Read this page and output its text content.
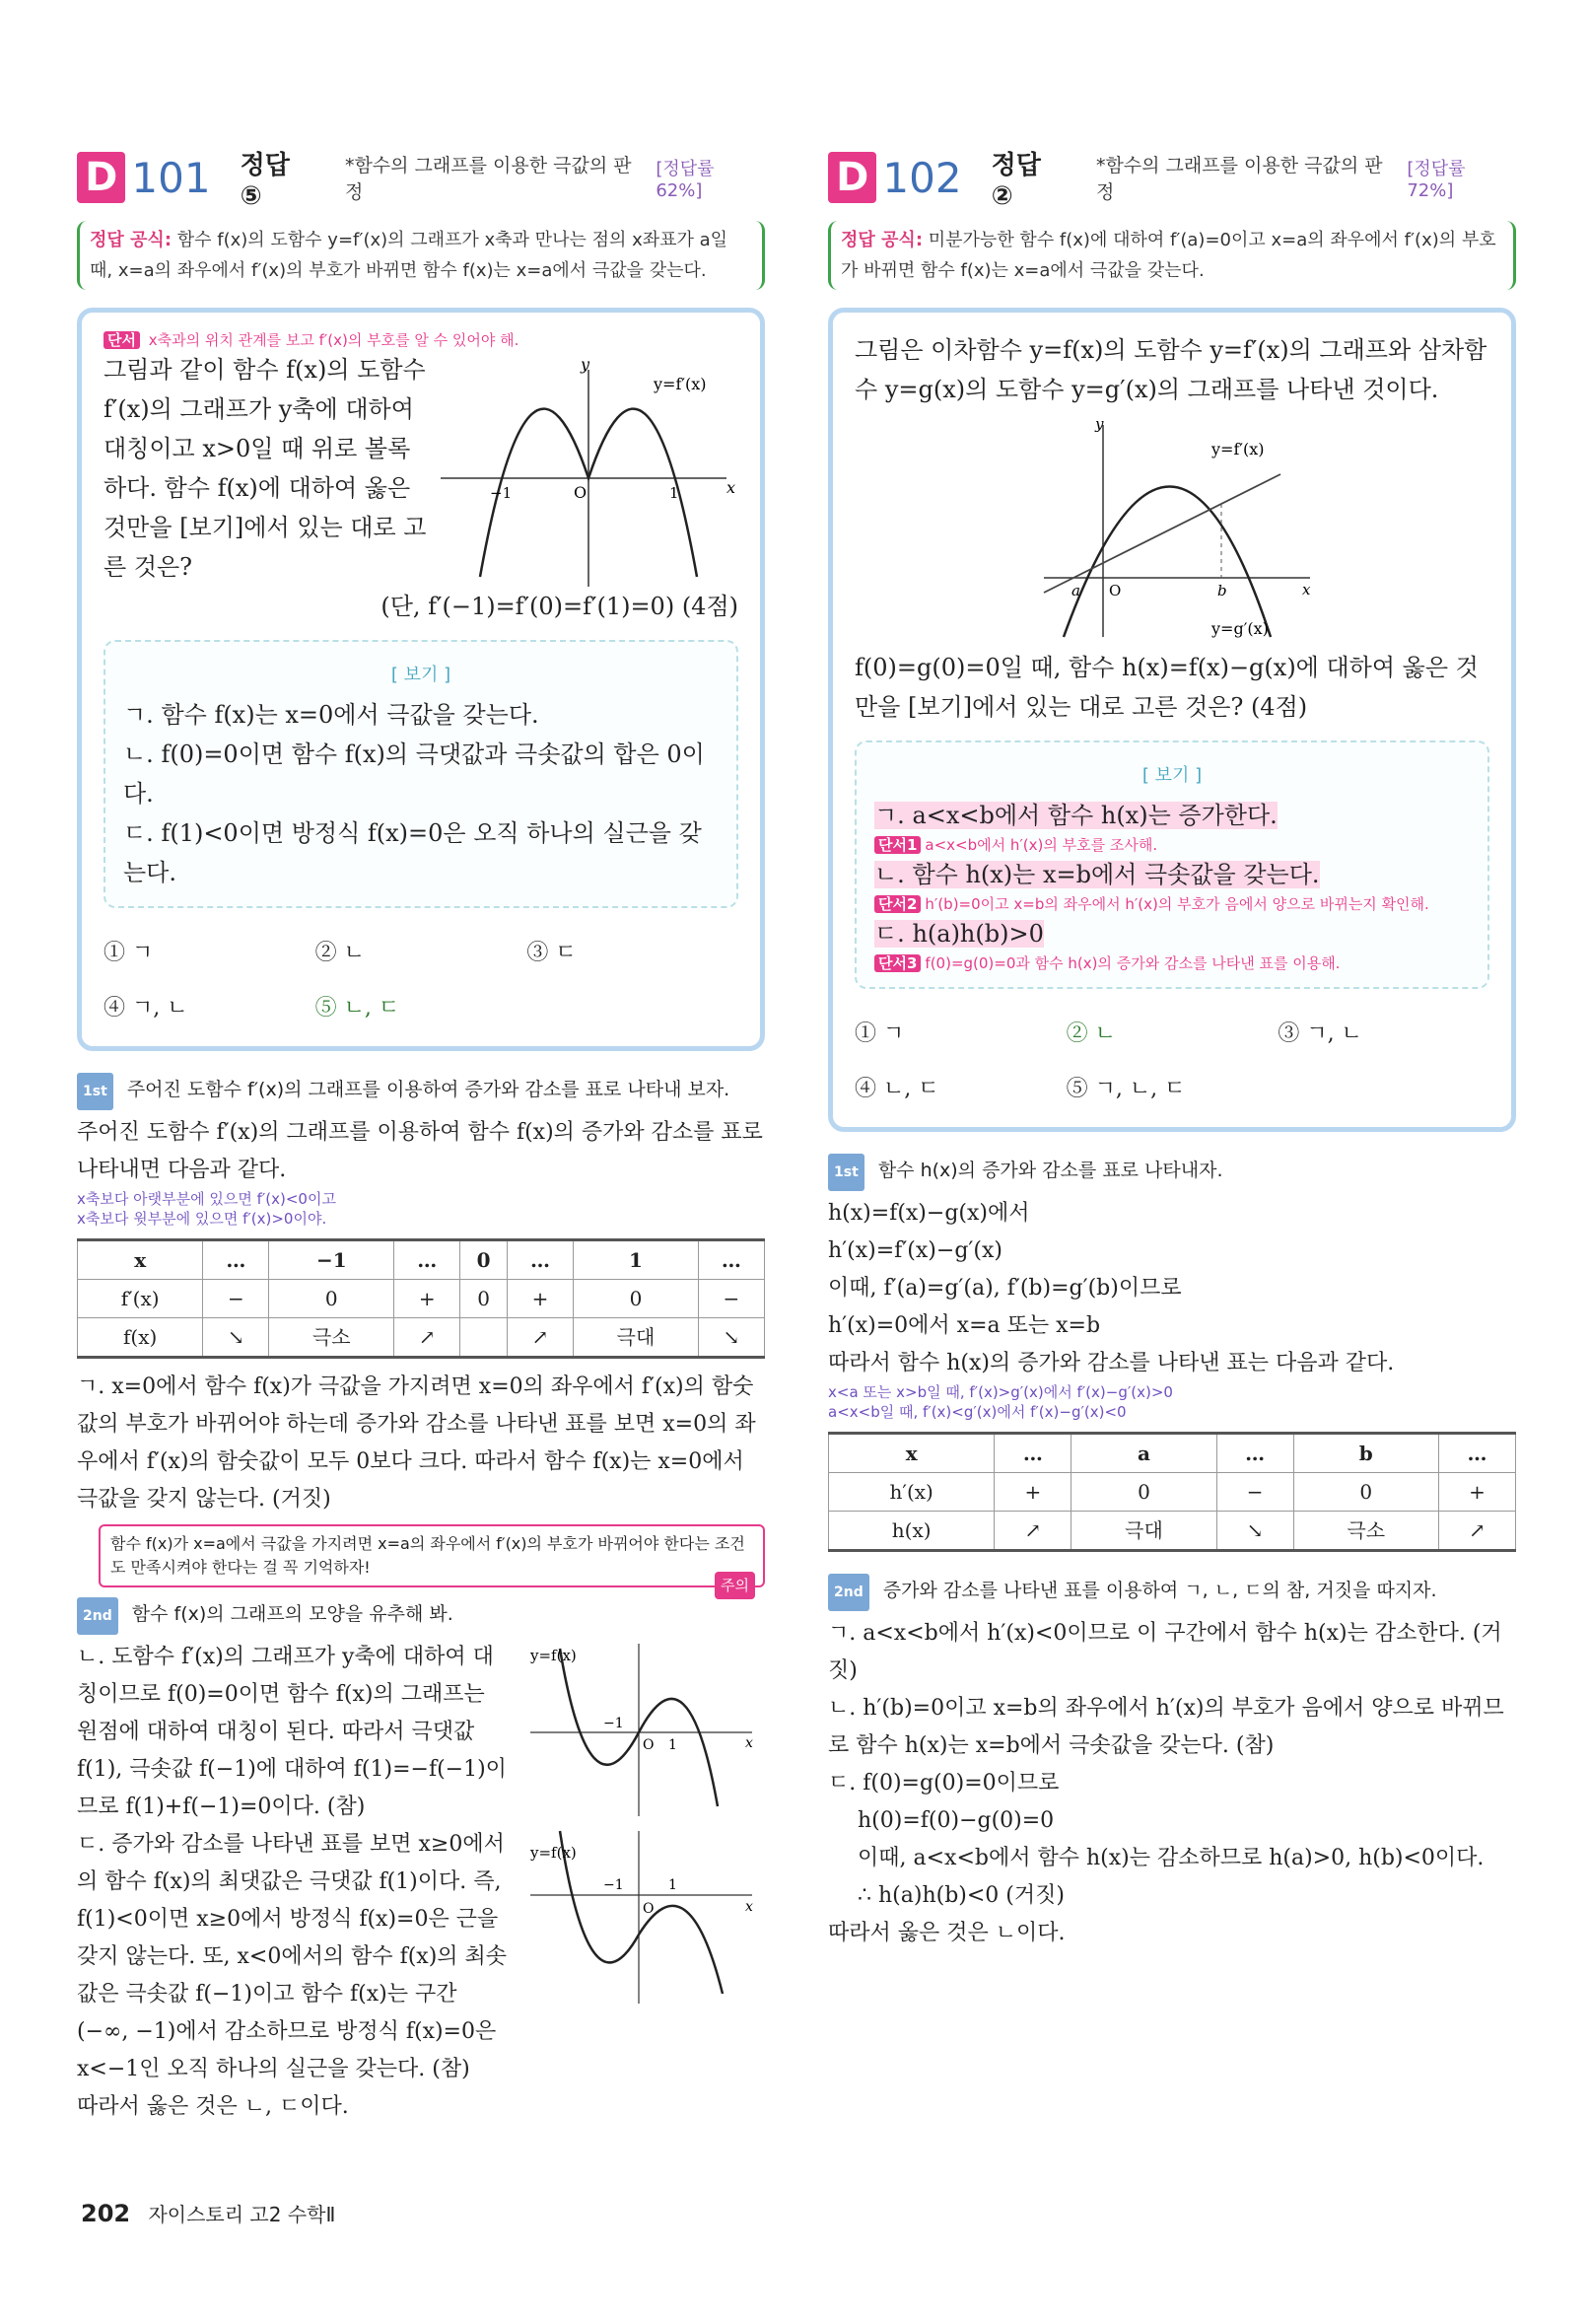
D 101 정답 ⑤
*함수의 그래프를 이용한 극값의 판정
[정답률 62%]
정답 공식: 함수 f(x)의 도함수 y=f′(x)의 그래프가 x축과 만나는 점의 x좌표가 a일 때, x=a의 좌우에서 f′(x)의 부호가 바뀌면 함수 f(x)는 x=a에서 극값을 갖는다.
단서 x축과의 위치 관계를 보고 f′(x)의 부호를 알 수 있어야 해.
그림과 같이 함수 f(x)의 도함수 f′(x)의 그래프가 y축에 대하여 대칭이고 x>0일 때 위로 볼록하다. 함수 f(x)에 대하여 옳은 것만을 [보기]에서 있는 대로 고른 것은?
y=f′(x)
x
y
O
−1	1
(단, f′(−1)=f′(0)=f′(1)=0) (4점)
[ 보기 ]
ㄱ. 함수 f(x)는 x=0에서 극값을 갖는다.
ㄴ. f(0)=0이면 함수 f(x)의 극댓값과 극솟값의 합은 0이다.
ㄷ. f(1)<0이면 방정식 f(x)=0은 오직 하나의 실근을 갖는다.
① ㄱ	② ㄴ	③ ㄷ
④ ㄱ, ㄴ	⑤ ㄴ, ㄷ
1st 주어진 도함수 f′(x)의 그래프를 이용하여 증가와 감소를 표로 나타내 보자.
주어진 도함수 f′(x)의 그래프를 이용하여 함수 f(x)의 증가와 감소를 표로 나타내면 다음과 같다.
x축보다 아랫부분에 있으면 f′(x)<0이고
x축보다 윗부분에 있으면 f′(x)>0이야.
x	…	−1	…	0	…	1	…
f′(x)	−	0	+	0	+	0	−
f(x)	↘	극소	↗		↗	극대	↘
ㄱ. x=0에서 함수 f(x)가 극값을 가지려면 x=0의 좌우에서 f′(x)의 함숫값의 부호가 바뀌어야 하는데 증가와 감소를 나타낸 표를 보면 x=0의 좌우에서 f′(x)의 함숫값이 모두 0보다 크다. 따라서 함수 f(x)는 x=0에서 극값을 갖지 않는다. (거짓)
함수 f(x)가 x=a에서 극값을 가지려면 x=a의 좌우에서 f′(x)의 부호가 바뀌어야 한다는 조건도 만족시켜야 한다는 걸 꼭 기억하자!
주의
2nd 함수 f(x)의 그래프의 모양을 유추해 봐.
ㄴ. 도함수 f′(x)의 그래프가 y축에 대하여 대칭이므로 f(0)=0이면 함수 f(x)의 그래프는 원점에 대하여 대칭이 된다. 따라서 극댓값 f(1), 극솟값 f(−1)에 대하여 f(1)=−f(−1)이므로 f(1)+f(−1)=0이다. (참)
y=f(x)
−1
O 1	x
ㄷ. 증가와 감소를 나타낸 표를 보면 x≥0에서의 함수 f(x)의 최댓값은 극댓값 f(1)이다. 즉, f(1)<0이면 x≥0에서 방정식 f(x)=0은 근을 갖지 않는다. 또, x<0에서의 함수 f(x)의 최솟값은 극솟값 f(−1)이고 함수 f(x)는 구간 (−∞, −1)에서 감소하므로 방정식 f(x)=0은 x<−1인 오직 하나의 실근을 갖는다. (참)
y=f(x)
−1
O
1
x
따라서 옳은 것은 ㄴ, ㄷ이다.
D 102 정답 ②
*함수의 그래프를 이용한 극값의 판정
[정답률 72%]
정답 공식: 미분가능한 함수 f(x)에 대하여 f′(a)=0이고 x=a의 좌우에서 f′(x)의 부호가 바뀌면 함수 f(x)는 x=a에서 극값을 갖는다.
그림은 이차함수 y=f(x)의 도함수 y=f′(x)의 그래프와 삼차함수 y=g(x)의 도함수 y=g′(x)의 그래프를 나타낸 것이다.
y=f′(x)
y=g′(x)
a O	b	x
y
f(0)=g(0)=0일 때, 함수 h(x)=f(x)−g(x)에 대하여 옳은 것만을 [보기]에서 있는 대로 고른 것은? (4점)
[ 보기 ]
ㄱ. a<x<b에서 함수 h(x)는 증가한다.
단서1 a<x<b에서 h′(x)의 부호를 조사해.
ㄴ. 함수 h(x)는 x=b에서 극솟값을 갖는다.
단서2 h′(b)=0이고 x=b의 좌우에서 h′(x)의 부호가 음에서 양으로 바뀌는지 확인해.
ㄷ. h(a)h(b)>0
단서3 f(0)=g(0)=0과 함수 h(x)의 증가와 감소를 나타낸 표를 이용해.
① ㄱ	② ㄴ	③ ㄱ, ㄴ
④ ㄴ, ㄷ	⑤ ㄱ, ㄴ, ㄷ
1st 함수 h(x)의 증가와 감소를 표로 나타내자.
h(x)=f(x)−g(x)에서
h′(x)=f′(x)−g′(x)
이때, f′(a)=g′(a), f′(b)=g′(b)이므로
h′(x)=0에서 x=a 또는 x=b
따라서 함수 h(x)의 증가와 감소를 나타낸 표는 다음과 같다.
x<a 또는 x>b일 때, f′(x)>g′(x)에서 f′(x)−g′(x)>0
a<x<b일 때, f′(x)<g′(x)에서 f′(x)−g′(x)<0
x	…	a	…	b	…
h′(x)	+	0	−	0	+
h(x)	↗	극대	↘	극소	↗
2nd 증가와 감소를 나타낸 표를 이용하여 ㄱ, ㄴ, ㄷ의 참, 거짓을 따지자.
ㄱ. a<x<b에서 h′(x)<0이므로 이 구간에서 함수 h(x)는 감소한다. (거짓)
ㄴ. h′(b)=0이고 x=b의 좌우에서 h′(x)의 부호가 음에서 양으로 바뀌므로 함수 h(x)는 x=b에서 극솟값을 갖는다. (참)
ㄷ. f(0)=g(0)=0이므로
h(0)=f(0)−g(0)=0
이때, a<x<b에서 함수 h(x)는 감소하므로 h(a)>0, h(b)<0이다.
∴ h(a)h(b)<0 (거짓)
따라서 옳은 것은 ㄴ이다.
202 자이스토리 고2 수학Ⅱ
